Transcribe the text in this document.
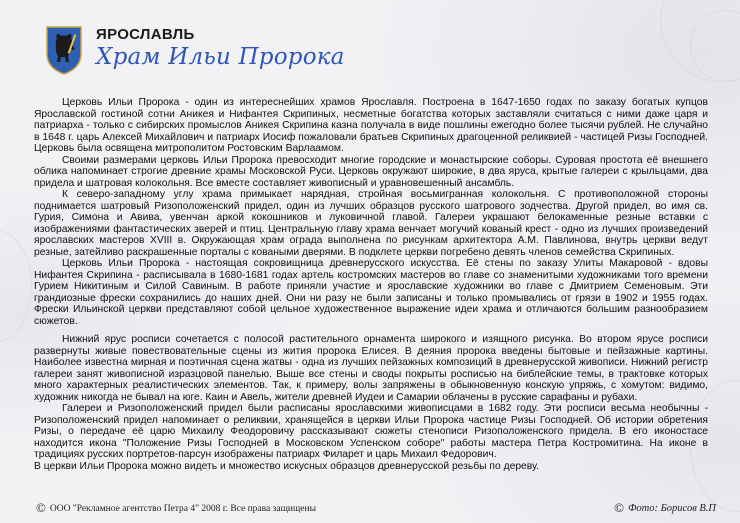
ЯРОСЛАВЛЬ
Храм Ильи Пророка

Церковь Ильи Пророка - один из интереснейших храмов Ярославля. Построена в 1647-1650 годах по заказу богатых купцов Ярославской гостиной сотни Аникея и Нифантея Скрипиных, несметные богатства которых заставляли считаться с ними даже царя и патриарха - только с сибирских промыслов Аникея Скрипина казна получала в виде пошлины ежегодно более тысячи рублей. Не случайно в 1648 г. царь Алексей Михайлович и патриарх Иосиф пожаловали братьев Скрипиных драгоценной реликвией - частицей Ризы Господней. Церковь была освящена митрополитом Ростовским Варлаамом.

Своими размерами церковь Ильи Пророка превосходит многие городские и монастырские соборы. Суровая простота её внешнего облика напоминает строгие древние храмы Московской Руси. Церковь окружают широкие, в два яруса, крытые галереи с крыльцами, два придела и шатровая колокольня. Все вместе составляет живописный и уравновешенный ансамбль.

К северо-западному углу храма примыкает нарядная, стройная восьмигранная колокольня. С противоположной стороны поднимается шатровый Ризоположенский придел, один из лучших образцов русского шатрового зодчества. Другой придел, во имя св. Гурия, Симона и Авива, увенчан аркой кокошников и луковичной главой. Галереи украшают белокаменные резные вставки с изображениями фантастических зверей и птиц. Центральную главу храма венчает могучий кованый крест - одно из лучших произведений ярославских мастеров XVIII в. Окружающая храм ограда выполнена по рисункам архитектора А.М. Павлинова, внутрь церкви ведут резные, затейливо раскрашенные порталы с коваными дверями. В подклете церкви погребено девять членов семейства Скрипиных.

Церковь Ильи Пророка - настоящая сокровищница древнерусского искусства. Её стены по заказу Улиты Макаровой - вдовы Нифантея Скрипина - расписывала в 1680-1681 годах артель костромских мастеров во главе со знаменитыми художниками того времени Гурием Никитиным и Силой Савиным. В работе приняли участие и ярославские художники во главе с Дмитрием Семеновым. Эти грандиозные фрески сохранились до наших дней. Они ни разу не были записаны и только промывались от грязи в 1902 и 1955 годах. Фрески Ильинской церкви представляют собой цельное художественное выражение идеи храма и отличаются большим разнообразием сюжетов.

Нижний ярус росписи сочетается с полосой растительного орнамента широкого и изящного рисунка. Во втором ярусе росписи развернуты живые повествовательные сцены из жития пророка Елисея. В деяния пророка введены бытовые и пейзажные картины. Наиболее известна мирная и поэтичная сцена жатвы - одна из лучших пейзажных композиций в древнерусской живописи. Нижний регистр галереи занят живописной изразцовой панелью. Выше все стены и своды покрыты росписью на библейские темы, в трактовке которых много характерных реалистических элементов. Так, к примеру, волы запряжены в обыкновенную конскую упряжь, с хомутом: видимо, художник никогда не бывал на юге. Каин и Авель, жители древней Иудеи и Самарии облачены в русские сарафаны и рубахи.

Галереи и Ризоположенский придел были расписаны ярославскими живописцами в 1682 году. Эти росписи весьма необычны - Ризоположенский придел напоминает о реликвии, хранящейся в церкви Ильи Пророка частице Ризы Господней. Об истории обретения Ризы, о передаче её царю Михаилу Феодоровичу рассказывают сюжеты стенописи Ризоположенского придела. В его иконостасе находится икона "Положение Ризы Господней в Московском Успенском соборе" работы мастера Петра Костромитина. На иконе в традициях русских портретов-парсун изображены патриарх Филарет и царь Михаил Федорович.

В церкви Ильи Пророка можно видеть и множество искусных образцов древнерусской резьбы по дереву.

© ООО "Рекламное агентство Петра 4" 2008 г. Все права защищены	© Фото: Борисов В.П
